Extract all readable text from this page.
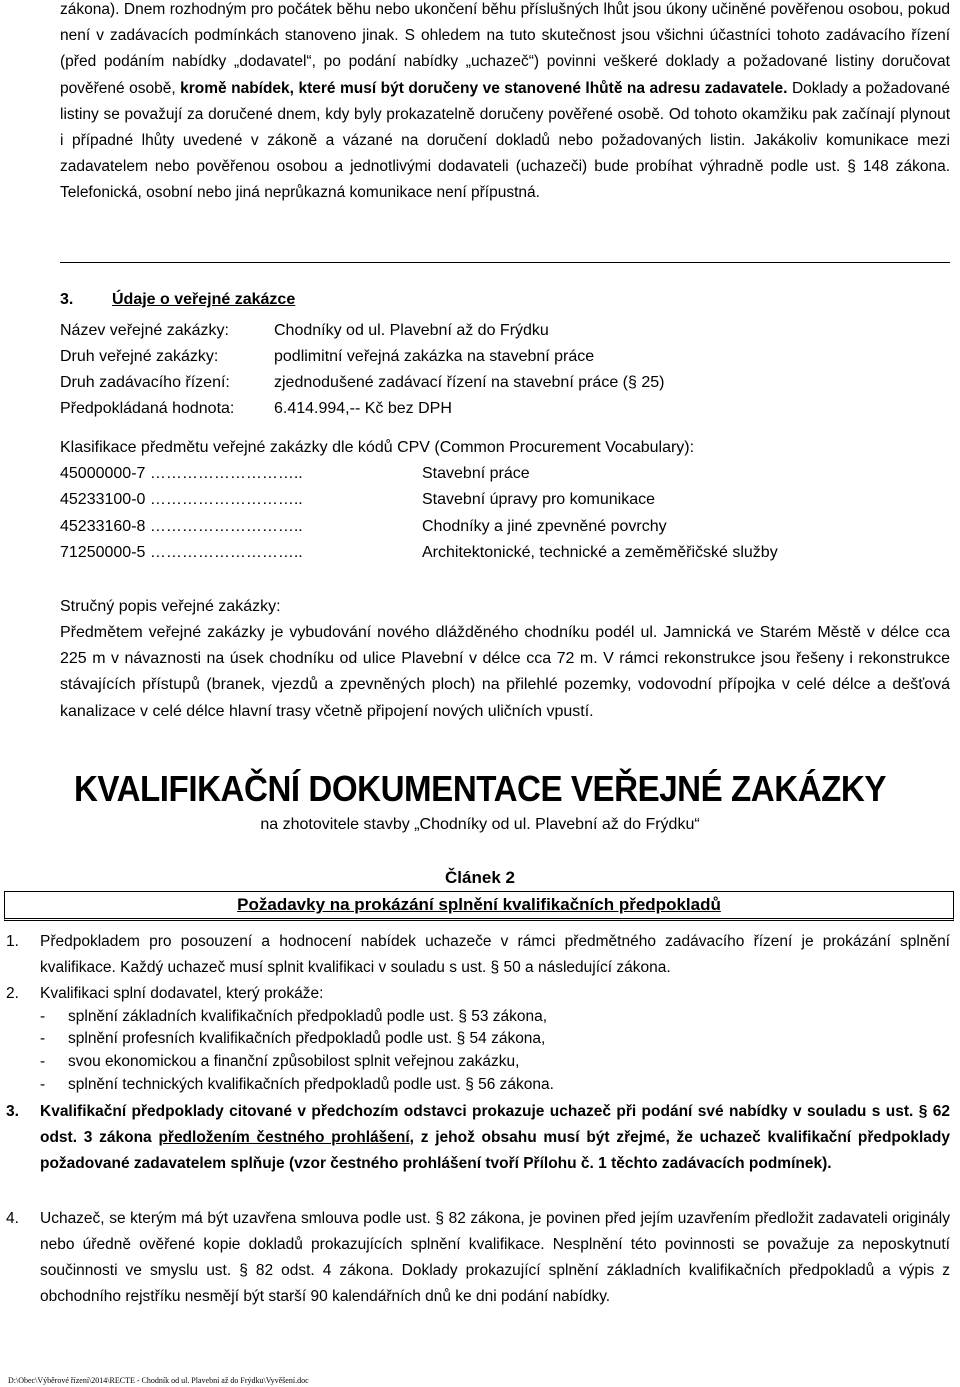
zákona). Dnem rozhodným pro počátek běhu nebo ukončení běhu příslušných lhůt jsou úkony učiněné pověřenou osobou, pokud není v zadávacích podmínkách stanoveno jinak. S ohledem na tuto skutečnost jsou všichni účastníci tohoto zadávacího řízení (před podáním nabídky „dodavatel“, po podání nabídky „uchazeč“) povinni veškeré doklady a požadované listiny doručovat pověřené osobě, kromě nabídek, které musí být doručeny ve stanovené lhůtě na adresu zadavatele. Doklady a požadované listiny se považují za doručené dnem, kdy byly prokazatelně doručeny pověřené osobě. Od tohoto okamžiku pak začínají plynout i případné lhůty uvedené v zákoně a vázané na doručení dokladů nebo požadovaných listin. Jakákoliv komunikace mezi zadavatelem nebo pověřenou osobou a jednotlivými dodavateli (uchazeči) bude probíhat výhradně podle ust. § 148 zákona. Telefonická, osobní nebo jiná neprůkazná komunikace není přípustná.
3. Údaje o veřejné zakázce
Název veřejné zakázky:	Chodníky od ul. Plavební až do Frýdku
Druh veřejné zakázky:	podlimitní veřejná zakázka na stavební práce
Druh zadávacího řízení:	zjednodušené zadávací řízení na stavební práce (§ 25)
Předpokládaná hodnota: 6.414.994,-- Kč bez DPH
Klasifikace předmětu veřejné zakázky dle kódů CPV (Common Procurement Vocabulary):
45000000-7 ………………………..	Stavební práce
45233100-0 ………………………..	Stavební úpravy pro komunikace
45233160-8 ………………………..	Chodníky a jiné zpevněné povrchy
71250000-5 ………………………..	Architektonické, technické a zeměměřičské služby
Stručný popis veřejné zakázky:
Předmětem veřejné zakázky je vybudování nového dlážděného chodníku podél ul. Jamnická ve Starém Městě v délce cca 225 m v návaznosti na úsek chodníku od ulice Plavební v délce cca 72 m. V rámci rekonstrukce jsou řešeny i rekonstrukce stávajících přístupů (branek, vjezdů a zpevněných ploch) na přilehlé pozemky, vodovodní přípojka v celé délce a dešťová kanalizace v celé délce hlavní trasy včetně připojení nových uličních vpustí.
KVALIFIKAČNÍ DOKUMENTACE VEŘEJNÉ ZAKÁZKY
na zhotovitele stavby „Chodníky od ul. Plavební až do Frýdku“
Článek 2
Požadavky na prokázání splnění kvalifikačních předpokladů
1. Předpokladem pro posouzení a hodnocení nabídek uchazeče v rámci předmětného zadávacího řízení je prokázání splnění kvalifikace. Každý uchazeč musí splnit kvalifikaci v souladu s ust. § 50 a následující zákona.
2. Kvalifikaci splní dodavatel, který prokáže:
- splnění základních kvalifikačních předpokladů podle ust. § 53 zákona,
- splnění profesních kvalifikačních předpokladů podle ust. § 54 zákona,
- svou ekonomickou a finanční způsobilost splnit veřejnou zakázku,
- splnění technických kvalifikačních předpokladů podle ust. § 56 zákona.
3. Kvalifikační předpoklady citované v předchozím odstavci prokazuje uchazeč při podání své nabídky v souladu s ust. § 62 odst. 3 zákona předložením čestného prohlášení, z jehož obsahu musí být zřejmé, že uchazeč kvalifikační předpoklady požadované zadavatelem splňuje (vzor čestného prohlášení tvoří Přílohu č. 1 těchto zadávacích podmínek).
4. Uchazeč, se kterým má být uzavřena smlouva podle ust. § 82 zákona, je povinen před jejím uzavřením předložit zadavateli originály nebo úředně ověřené kopie dokladů prokazujících splnění kvalifikace. Nesplnění této povinnosti se považuje za neposkytnutí součinnosti ve smyslu ust. § 82 odst. 4 zákona. Doklady prokazující splnění základních kvalifikačních předpokladů a výpis z obchodního rejstříku nesmějí být starší 90 kalendářních dnů ke dni podání nabídky.
D:\Obec\Výběrové řízení\2014\RECTE - Chodník od ul. Plavební až do Frýdku\Vyvěšení.doc
